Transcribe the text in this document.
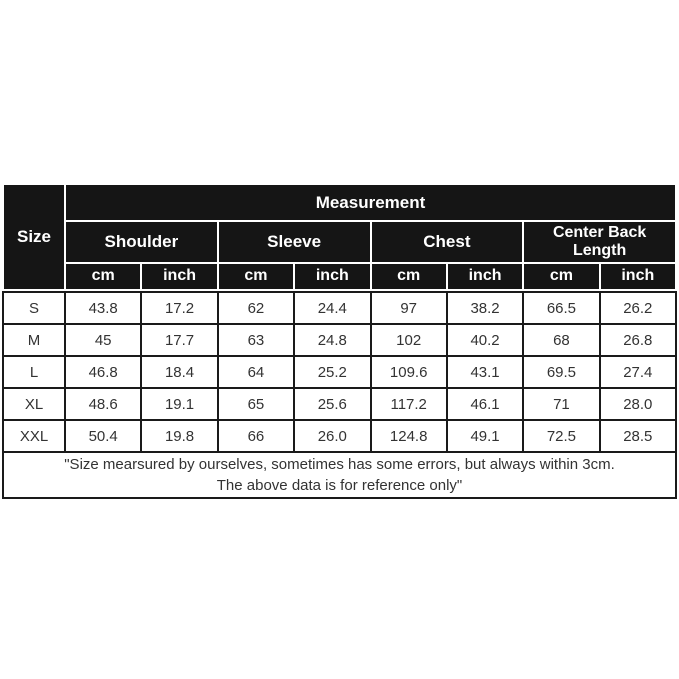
Size	Measurement							
	Shoulder		Sleeve		Chest		Center Back Length	
	cm	inch	cm	inch	cm	inch	cm	inch
S	43.8	17.2	62	24.4	97	38.2	66.5	26.2
M	45	17.7	63	24.8	102	40.2	68	26.8
L	46.8	18.4	64	25.2	109.6	43.1	69.5	27.4
XL	48.6	19.1	65	25.6	117.2	46.1	71	28.0
XXL	50.4	19.8	66	26.0	124.8	49.1	72.5	28.5

"Size mearsured by ourselves, sometimes has some errors, but always within 3cm.
The above data is for reference only"								
